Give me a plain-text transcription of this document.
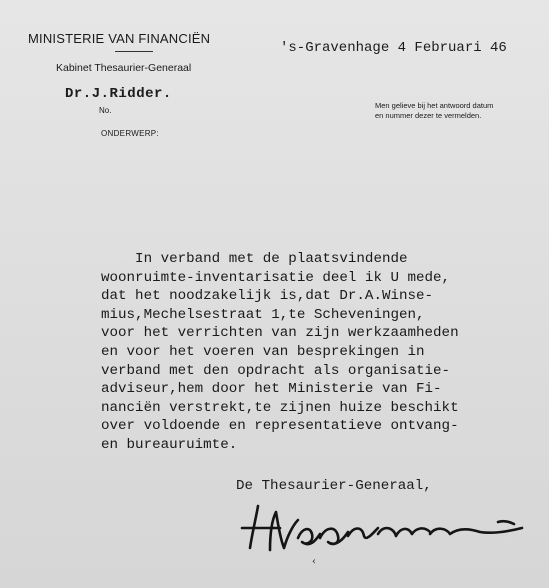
MINISTERIE VAN FINANCIËN
Kabinet Thesaurier-Generaal
Dr.J.Ridder.
No.
ONDERWERP:
's-Gravenhage 4 Februari 46
Men gelieve bij het antwoord datum
en nummer dezer te vermelden.
In verband met de plaatsvindende
woonruimte-inventarisatie deel ik U mede,
dat het noodzakelijk is,dat Dr.A.Winse-
mius,Mechelsestraat 1,te Scheveningen,
voor het verrichten van zijn werkzaamheden
en voor het voeren van besprekingen in
verband met den opdracht als organisatie-
adviseur,hem door het Ministerie van Fi-
nanciën verstrekt,te zijnen huize beschikt
over voldoende en representatieve ontvang-
en bureauruimte.
De Thesaurier-Generaal,
‹
